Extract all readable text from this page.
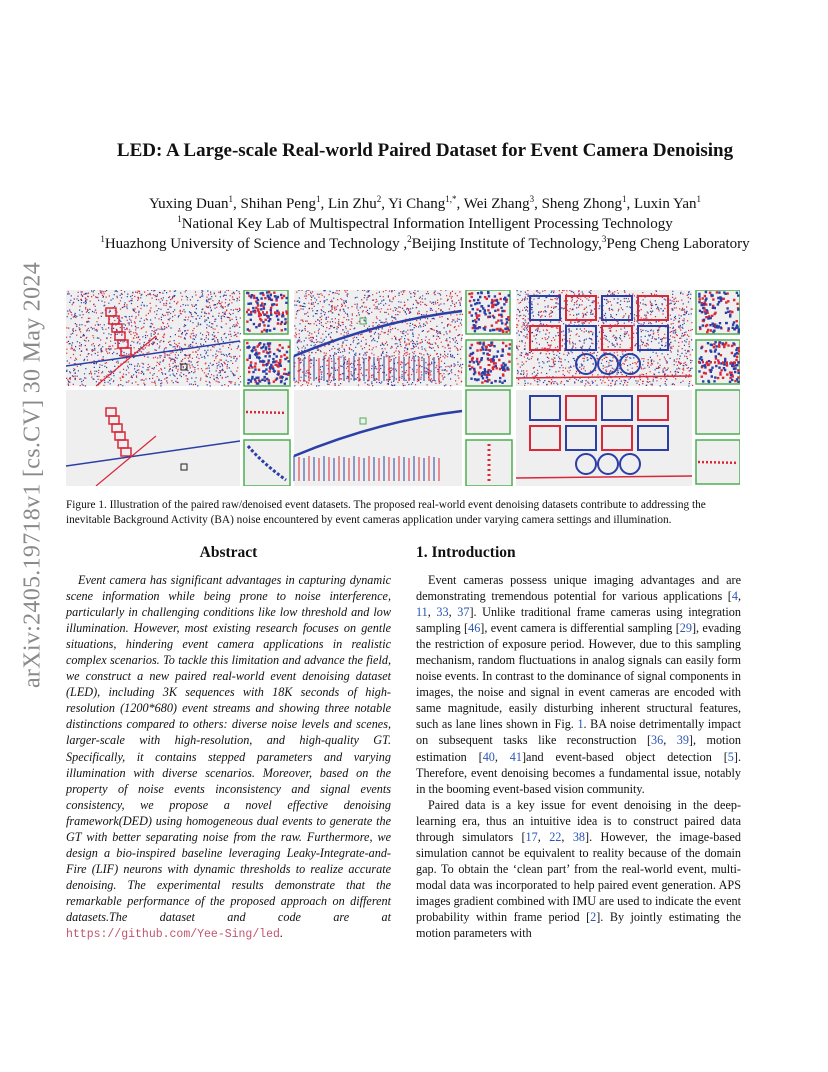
arXiv:2405.19718v1 [cs.CV] 30 May 2024
LED: A Large-scale Real-world Paired Dataset for Event Camera Denoising
Yuxing Duan$^1$, Shihan Peng$^1$, Lin Zhu$^2$, Yi Chang$^{1,*}$, Wei Zhang$^3$, Sheng Zhong$^1$, Luxin Yan$^1$
$^1$National Key Lab of Multispectral Information Intelligent Processing Technology
$^1$Huazhong University of Science and Technology ,$^2$Beijing Institute of Technology,$^3$Peng Cheng Laboratory
Figure 1. Illustration of the paired raw/denoised event datasets. The proposed real-world event denoising datasets contribute to addressing the inevitable Background Activity (BA) noise encountered by event cameras application under varying camera settings and illumination.
Abstract

Event camera has significant advantages in capturing dynamic scene information while being prone to noise interference, particularly in challenging conditions like low threshold and low illumination. However, most existing research focuses on gentle situations, hindering event camera applications in realistic complex scenarios. To tackle this limitation and advance the field, we construct a new paired real-world event denoising dataset (LED), including 3K sequences with 18K seconds of high-resolution (1200*680) event streams and showing three notable distinctions compared to others: diverse noise levels and scenes, larger-scale with high-resolution, and high-quality GT. Specifically, it contains stepped parameters and varying illumination with diverse scenarios. Moreover, based on the property of noise events inconsistency and signal events consistency, we propose a novel effective denoising framework(DED) using homogeneous dual events to generate the GT with better separating noise from the raw. Furthermore, we design a bio-inspired baseline leveraging Leaky-Integrate-and-Fire (LIF) neurons with dynamic thresholds to realize accurate denoising. The experimental results demonstrate that the remarkable performance of the proposed approach on different datasets.The dataset and code are at https://github.com/Yee-Sing/led.

1. Introduction

Event cameras possess unique imaging advantages and are demonstrating tremendous potential for various applications [4, 11, 33, 37]. Unlike traditional frame cameras using integration sampling [46], event camera is differential sampling [29], evading the restriction of exposure period. However, due to this sampling mechanism, random fluctuations in analog signals can easily form noise events. In contrast to the dominance of signal components in images, the noise and signal in event cameras are encoded with same magnitude, easily disturbing inherent structural features, such as lane lines shown in Fig. 1. BA noise detrimentally impact on subsequent tasks like reconstruction [36, 39], motion estimation [40, 41]and event-based object detection [5]. Therefore, event denoising becomes a fundamental issue, notably in the booming event-based vision community.

Paired data is a key issue for event denoising in the deep-learning era, thus an intuitive idea is to construct paired data through simulators [17, 22, 38]. However, the image-based simulation cannot be equivalent to reality because of the domain gap. To obtain the ‘clean part’ from the real-world event, multi-modal data was incorporated to help paired event generation. APS images gradient combined with IMU are used to indicate the event probability within frame period [2]. By jointly estimating the motion parameters with
